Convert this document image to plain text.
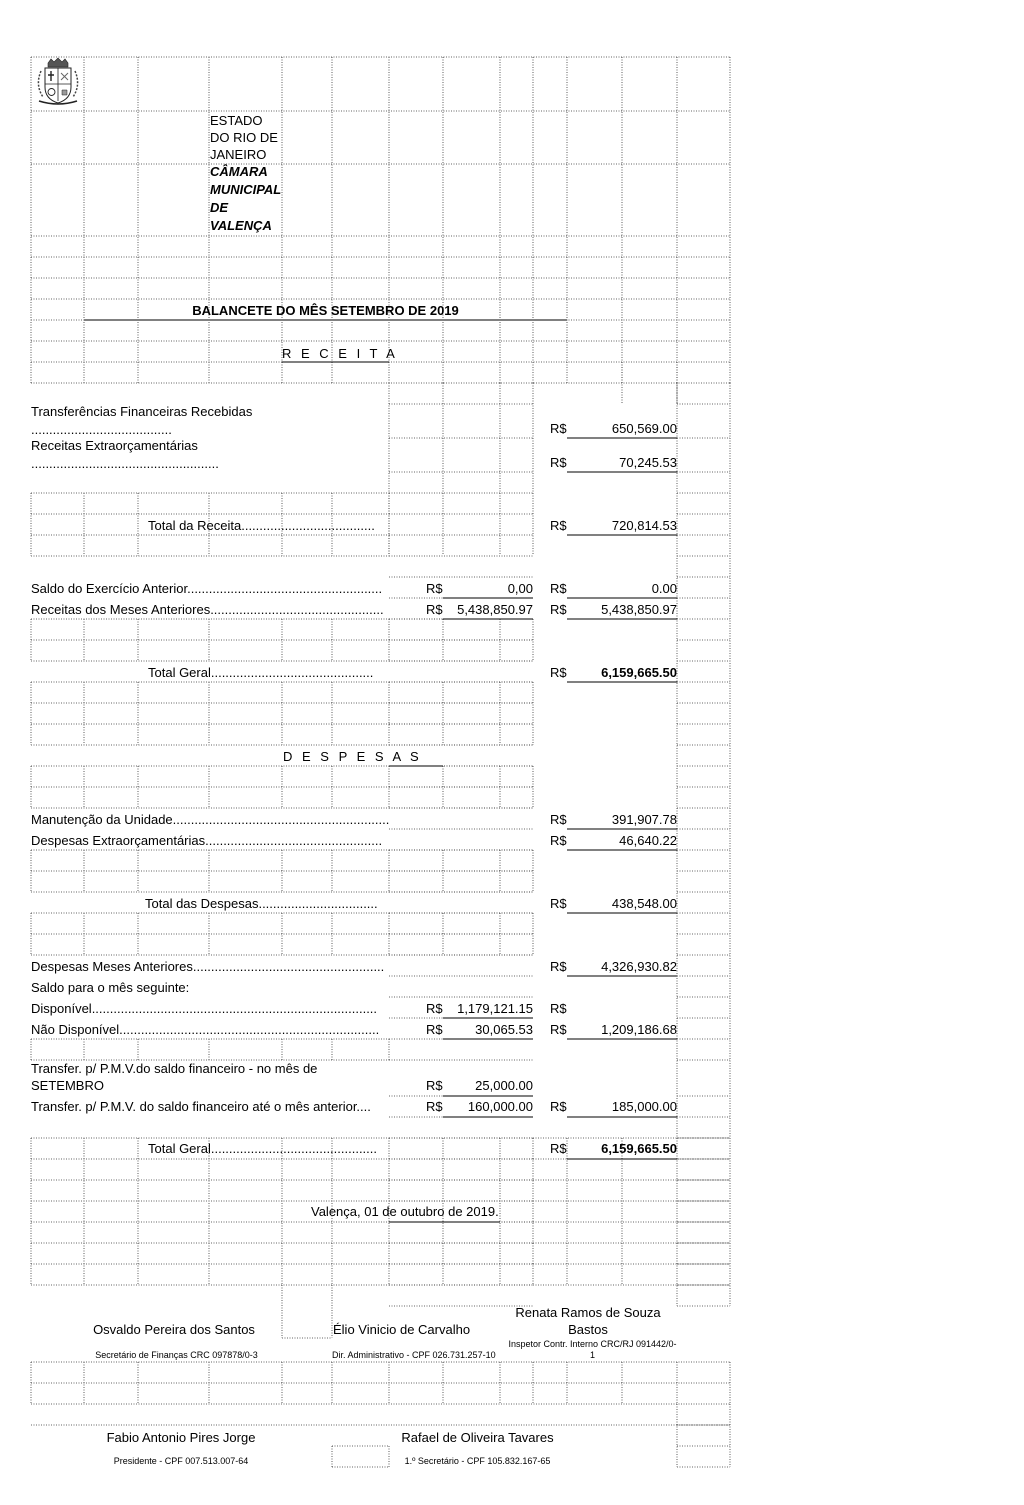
ESTADO
DO RIO DE
JANEIRO
CÂMARA
MUNICIPAL
DE
VALENÇA
BALANCETE DO MÊS SETEMBRO DE 2019
R E C E I T A
Transferências Financeiras Recebidas
.......................................	R$	650,569.00
Receitas Extraorçamentárias
....................................................	R$	70,245.53
Total da Receita.....................................	R$	720,814.53
Saldo do Exercício Anterior......................................................	R$	0,00 R$	0.00
Receitas dos Meses Anteriores................................................	R$	5,438,850.97 R$	5,438,850.97
Total Geral.............................................	R$	6,159,665.50
D E S P E S A S
Manutenção da Unidade............................................................	R$	391,907.78
Despesas Extraorçamentárias.................................................	R$	46,640.22
Total das Despesas.................................	R$	438,548.00
Despesas Meses Anteriores.....................................................	R$	4,326,930.82
Saldo para o mês seguinte:
Disponível...............................................................................	R$	1,179,121.15 R$
Não Disponível........................................................................	R$	30,065.53 R$	1,209,186.68
Transfer. p/ P.M.V.do saldo financeiro - no mês de
SETEMBRO	R$	25,000.00
Transfer. p/ P.M.V. do saldo financeiro até o mês anterior....	R$	160,000.00 R$	185,000.00
Total Geral..............................................	R$	6,159,665.50
Valença, 01 de outubro de 2019.
Osvaldo Pereira dos Santos
Secretário de Finanças CRC 097878/0-3
Élio Vinicio de Carvalho
Dir. Administrativo - CPF 026.731.257-10
Renata Ramos de Souza
Bastos
Inspetor Contr. Interno CRC/RJ 091442/0-
1
Fabio Antonio Pires Jorge
Presidente - CPF 007.513.007-64
Rafael de Oliveira Tavares
1.º Secretário - CPF 105.832.167-65
